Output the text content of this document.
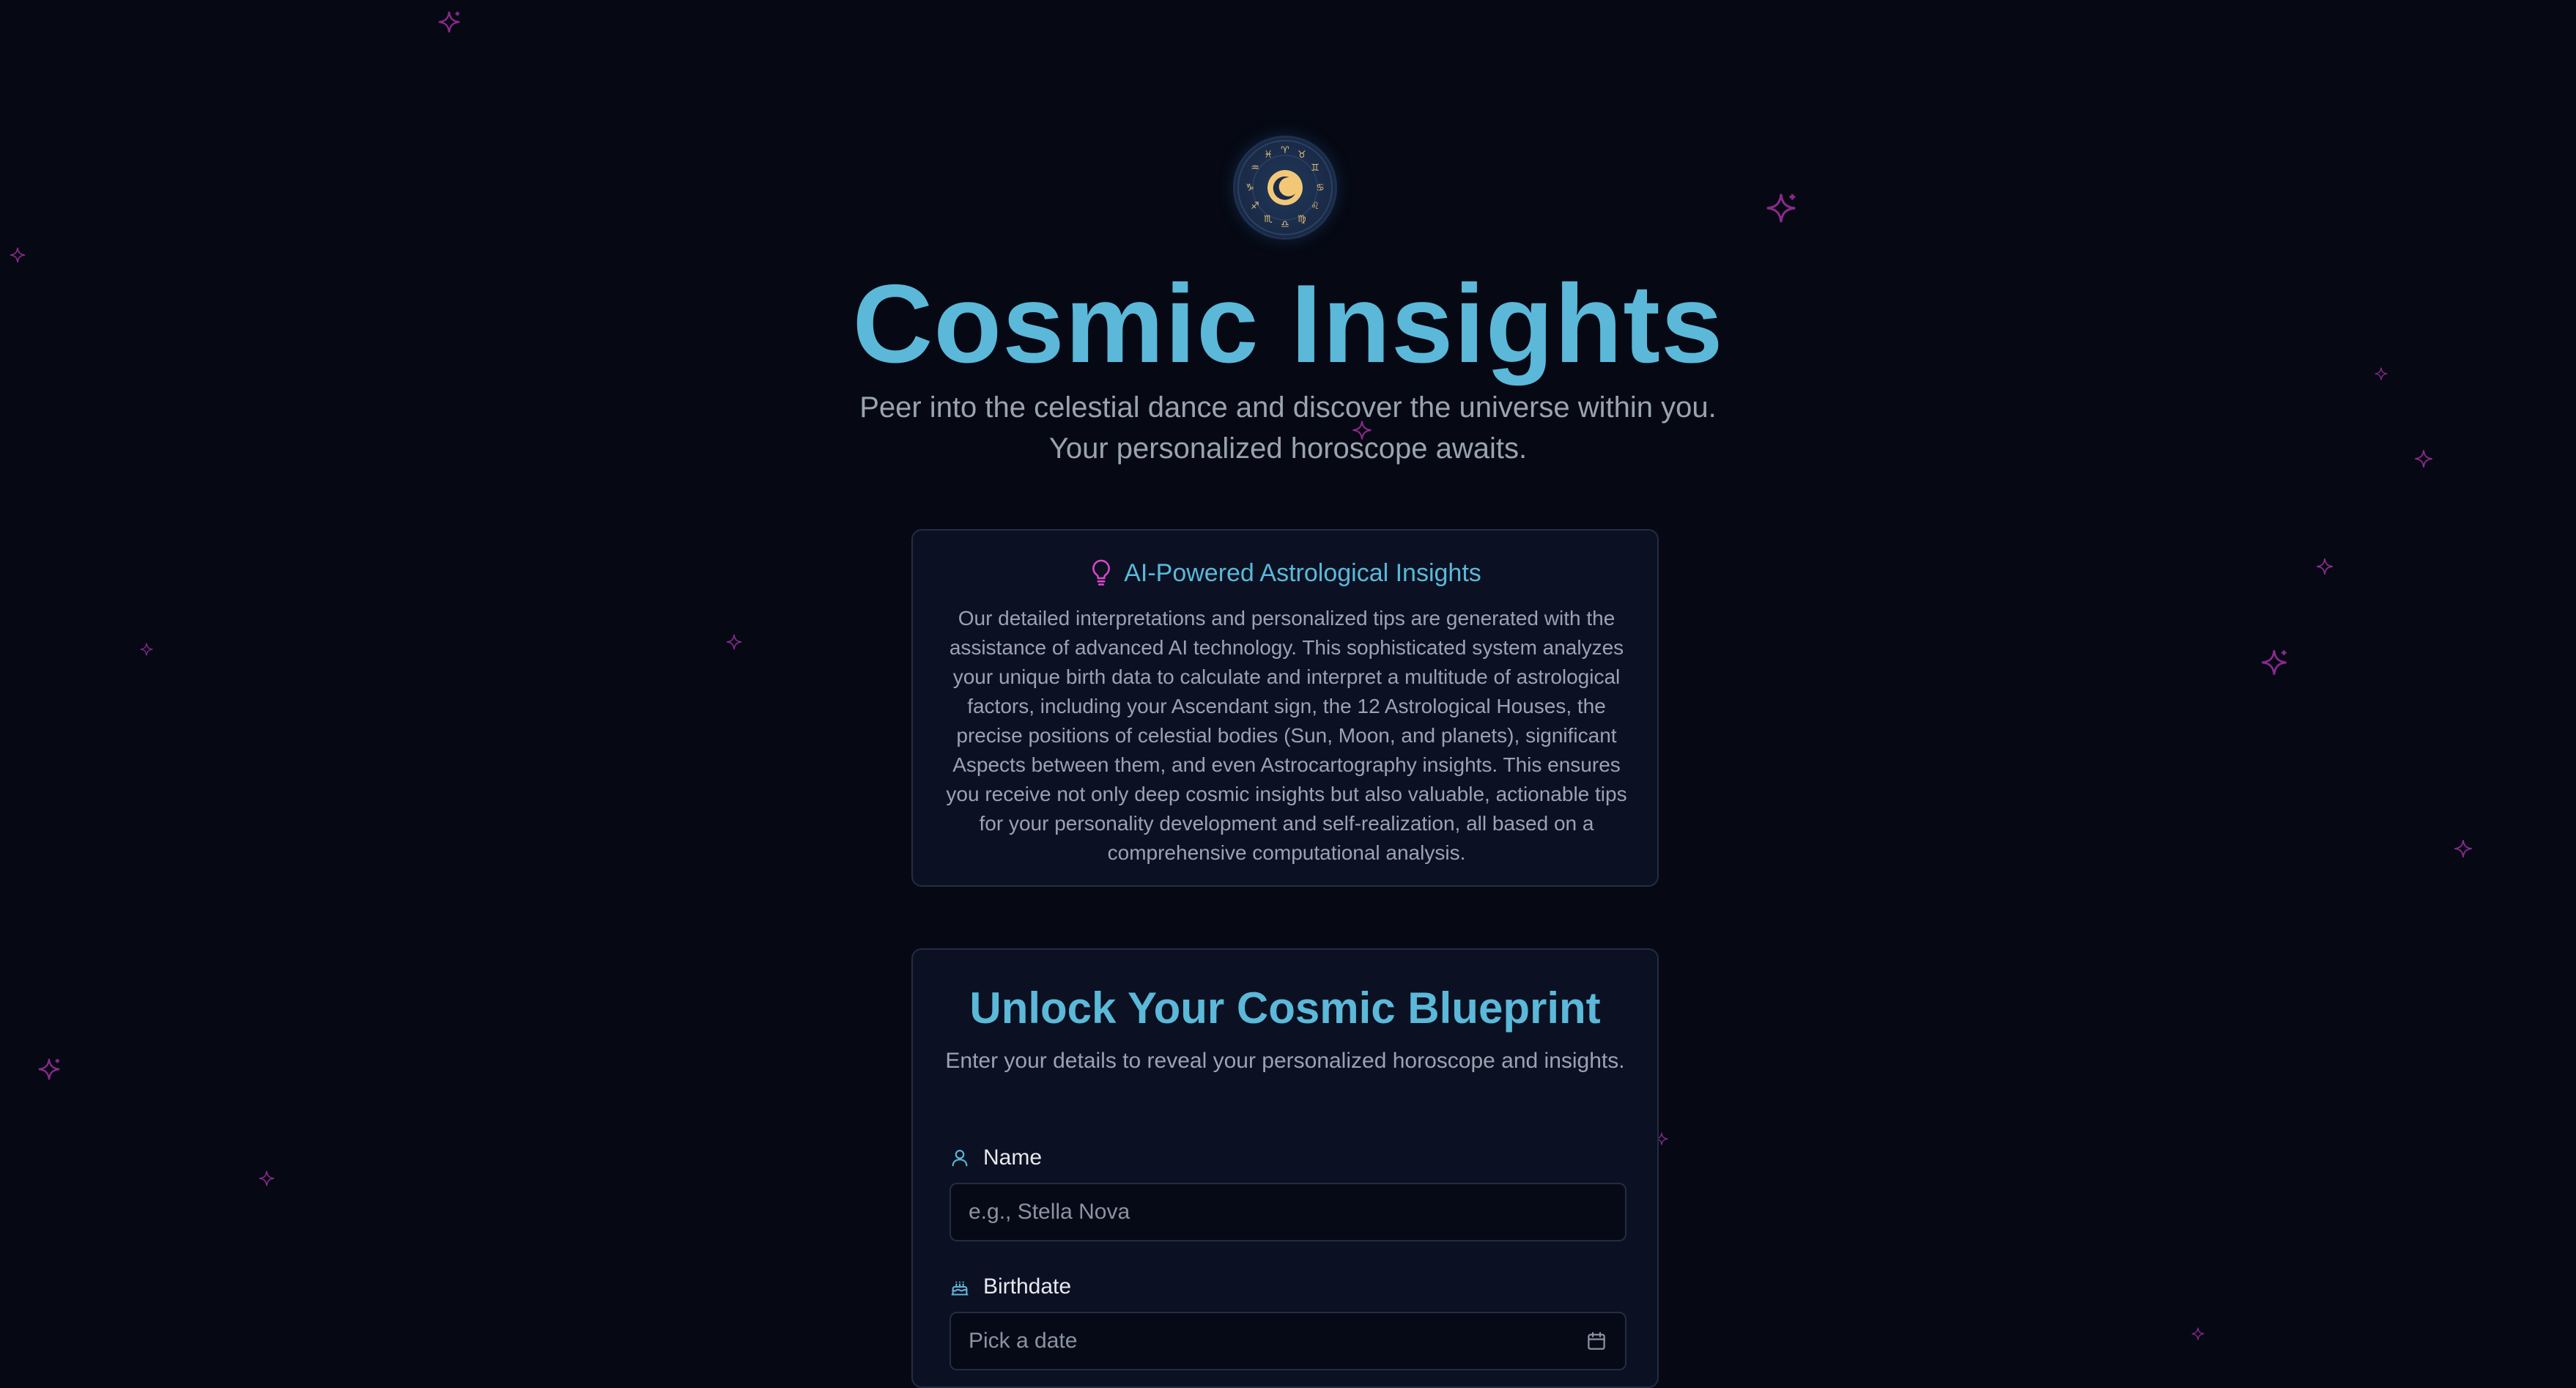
♈ ♉
♊
♋
♌
♍
♎
♏
♐
♑
♒
♓
Cosmic Insights
Peer into the celestial dance and discover the universe within you.
Your personalized horoscope awaits.
AI-Powered Astrological Insights

Our detailed interpretations and personalized tips are generated with the assistance of advanced AI technology. This sophisticated system analyzes your unique birth data to calculate and interpret a multitude of astrological factors, including your Ascendant sign, the 12 Astrological Houses, the precise positions of celestial bodies (Sun, Moon, and planets), significant Aspects between them, and even Astrocartography insights. This ensures you receive not only deep cosmic insights but also valuable, actionable tips for your personality development and self-realization, all based on a comprehensive computational analysis.

Unlock Your Cosmic Blueprint

Enter your details to reveal your personalized horoscope and insights.

Name
e.g., Stella Nova
Birthdate
Pick a date
